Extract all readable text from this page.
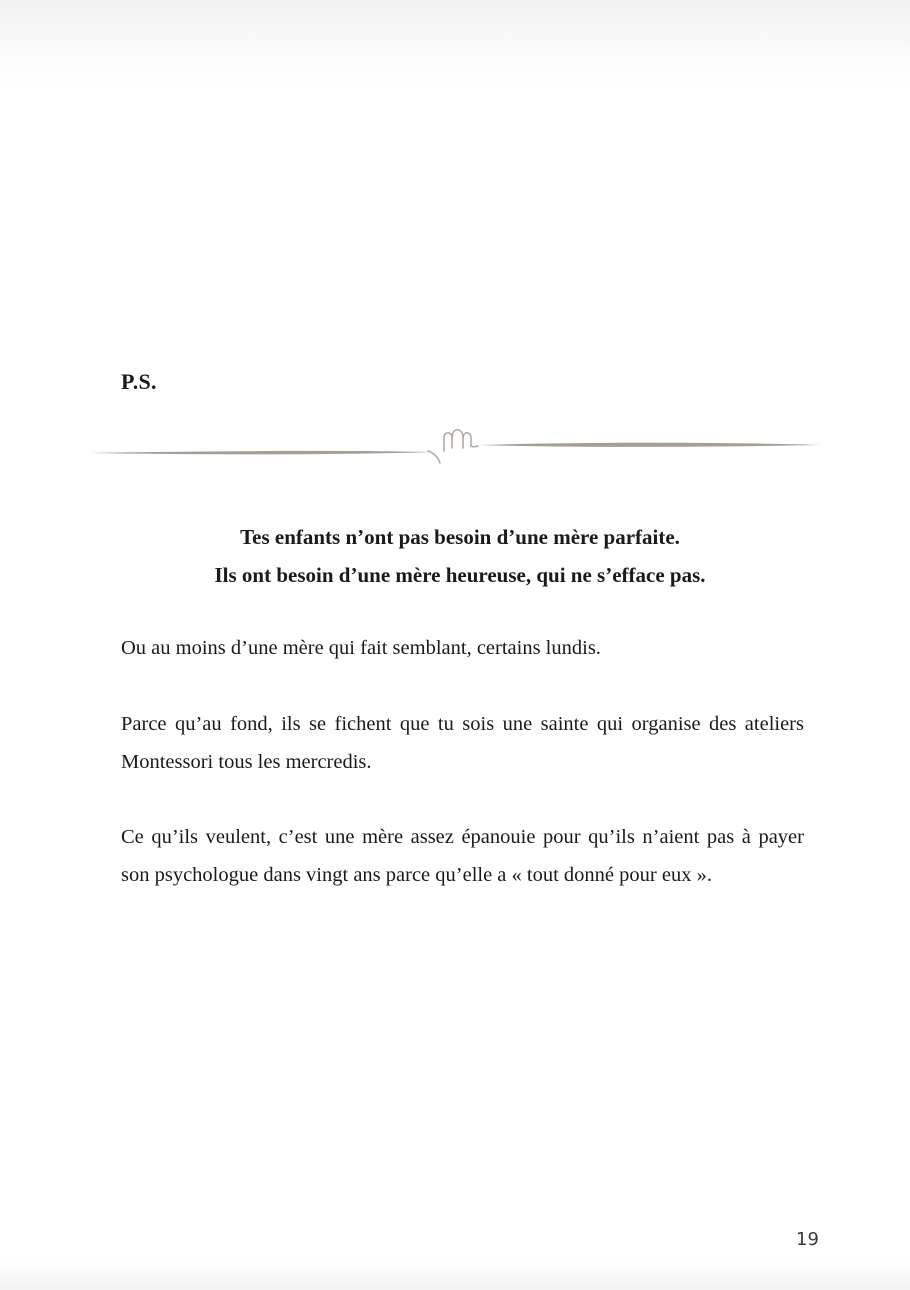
P.S.
Tes enfants n’ont pas besoin d’une mère parfaite.
Ils ont besoin d’une mère heureuse, qui ne s’efface pas.

Ou au moins d’une mère qui fait semblant, certains lundis.

Parce qu’au fond, ils se fichent que tu sois une sainte qui organise des ateliers Montessori tous les mercredis.

Ce qu’ils veulent, c’est une mère assez épanouie pour qu’ils n’aient pas à payer son psychologue dans vingt ans parce qu’elle a « tout donné pour eux ».

19
